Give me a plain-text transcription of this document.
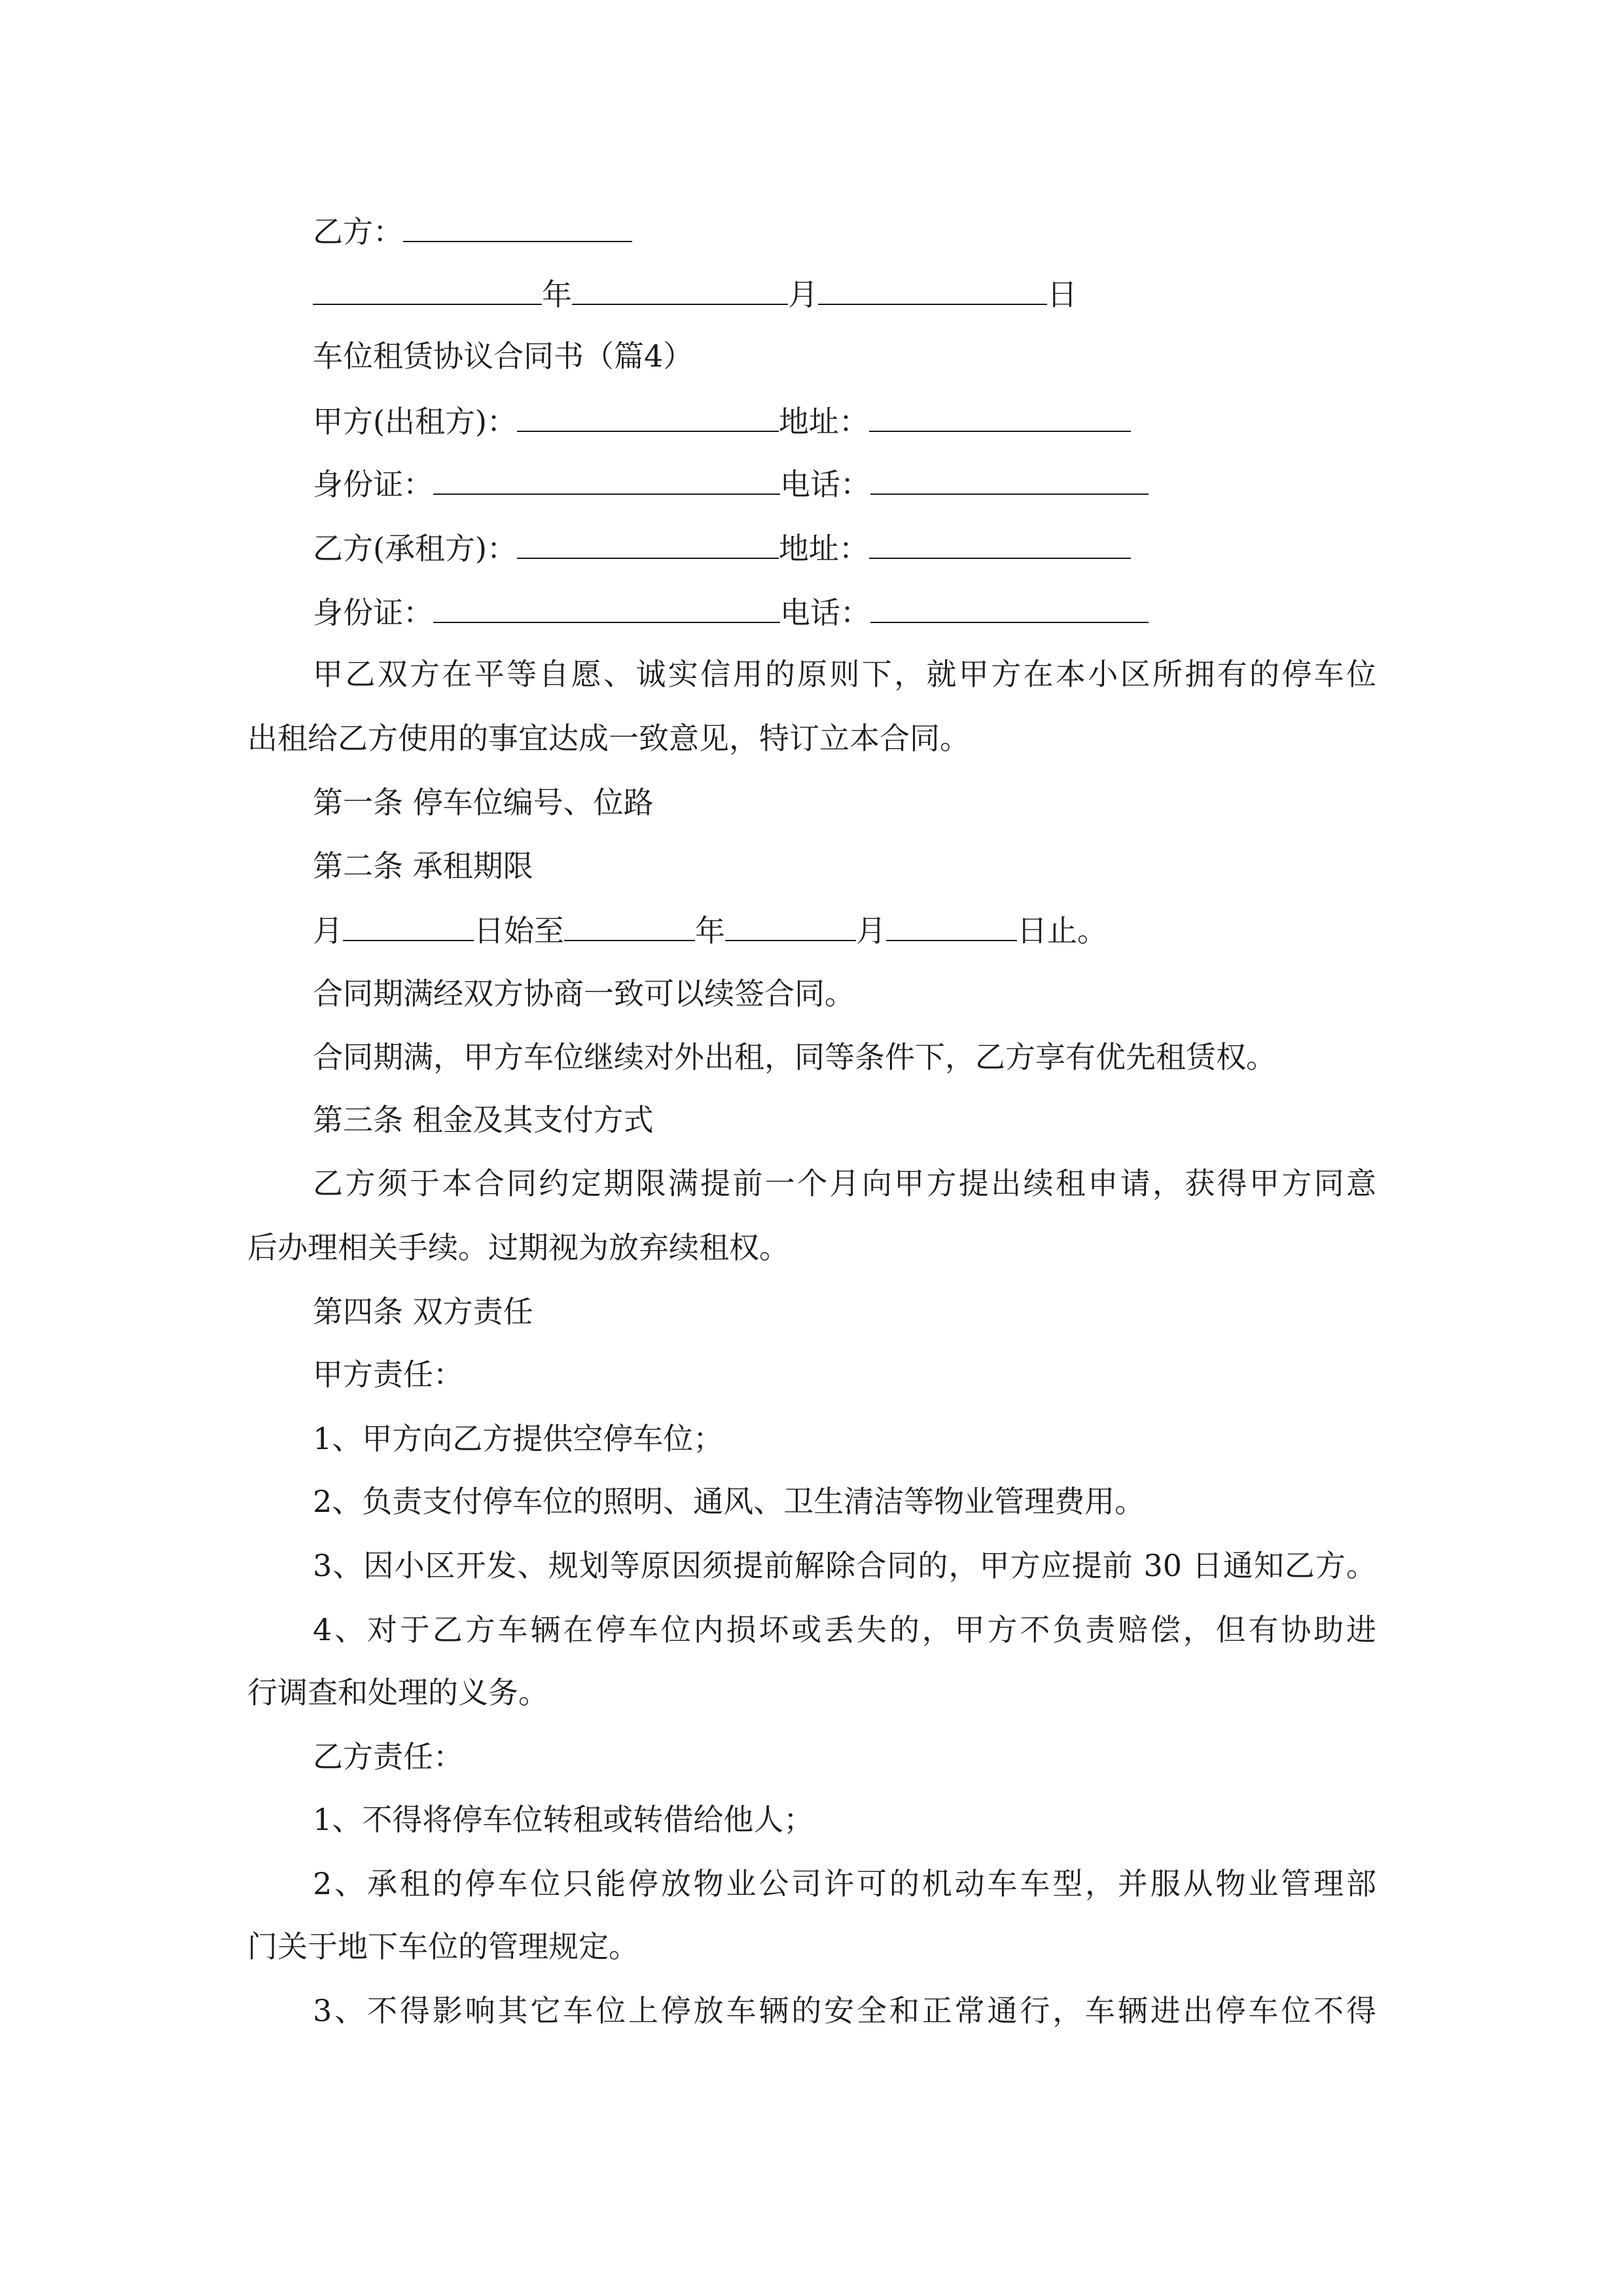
乙方：
年	月	日
车位租赁协议合同书（篇4）
甲方(出租方)：	地址：
身份证：	电话：
乙方(承租方)：	地址：
身份证：	电话：
甲乙双方在平等自愿、诚实信用的原则下，就甲方在本小区所拥有的停车位
出租给乙方使用的事宜达成一致意见，特订立本合同。
第一条 停车位编号、位路
第二条 承租期限
月	日始至	年	月	日止。
合同期满经双方协商一致可以续签合同。
合同期满，甲方车位继续对外出租，同等条件下，乙方享有优先租赁权。
第三条 租金及其支付方式
乙方须于本合同约定期限满提前一个月向甲方提出续租申请，获得甲方同意
后办理相关手续。过期视为放弃续租权。
第四条 双方责任
甲方责任：
1、甲方向乙方提供空停车位；
2、负责支付停车位的照明、通风、卫生清洁等物业管理费用。
3、因小区开发、规划等原因须提前解除合同的，甲方应提前 30 日通知乙方。
4、对于乙方车辆在停车位内损坏或丢失的，甲方不负责赔偿，但有协助进
行调查和处理的义务。
乙方责任：
1、不得将停车位转租或转借给他人；
2、承租的停车位只能停放物业公司许可的机动车车型，并服从物业管理部
门关于地下车位的管理规定。
3、不得影响其它车位上停放车辆的安全和正常通行，车辆进出停车位不得
